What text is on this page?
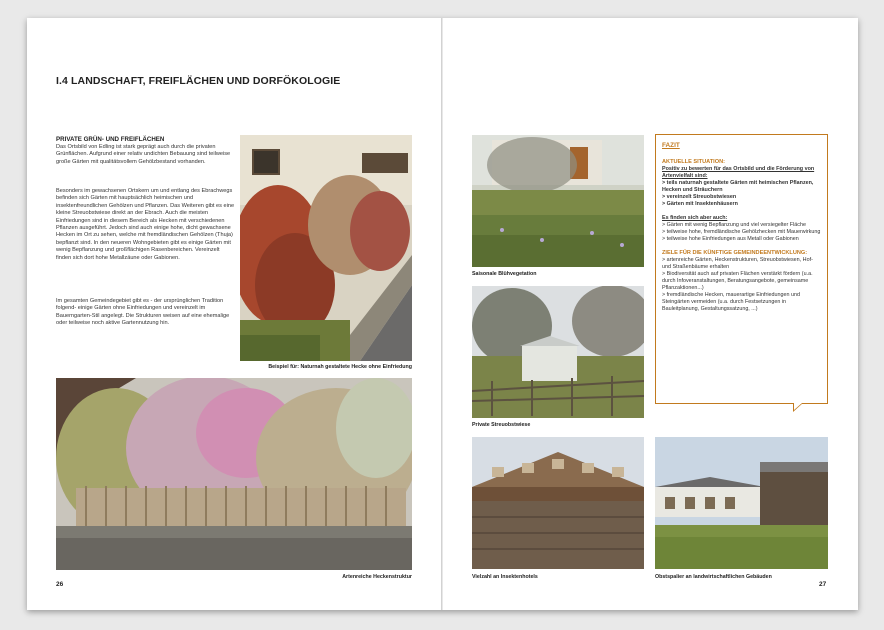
I.4 LANDSCHAFT, FREIFLÄCHEN UND DORFÖKOLOGIE
PRIVATE GRÜN- UND FREIFLÄCHEN
Das Ortsbild von Edling ist stark geprägt auch durch die privaten Grünflächen. Aufgrund einer relativ undichten Bebauung sind teilweise große Gärten mit qualitätsvollem Gehölzbestand vorhanden.
Besonders im gewachsenen Ortskern um und entlang des Ebrachwegs befinden sich Gärten mit hauptsächlich heimischen und insektenfreundlichen Gehölzen und Pflanzen. Das Weiteren gibt es eine kleine Streuobstwiese direkt an der Ebrach. Auch die meisten Einfriedungen sind in diesem Bereich als Hecken mit verschiedenen Pflanzen ausgeführt. Jedoch sind auch einige hohe, dicht gewachsene Hecken im Ort zu sehen, welche mit fremdländischen Gehölzen (Thuja) bepflanzt sind. In den neueren Wohngebieten gibt es einige Gärten mit wenig Bepflanzung und großflächigen Rasenbereichen. Vereinzelt finden sich dort hohe Metallzäune oder Gabionen.
Im gesamten Gemeindegebiet gibt es - der ursprünglichen Tradition folgend- einige Gärten ohne Einfriedungen und vereinzelt im Bauerngarten-Stil angelegt. Die Strukturen weisen auf eine ehemalige oder teilweise noch aktive Gartennutzung hin.
Beispiel für: Naturnah gestaltete Hecke ohne Einfriedung
Artenreiche Heckenstruktur
26
Saisonale Blühvegetation
Private Streuobstwiese
Vielzahl an Insektenhotels	Obstspalier an landwirtschaftlichen Gebäuden
FAZIT
AKTUELLE SITUATION:
Positiv zu bewerten für das Ortsbild und die Förderung von Artenvielfalt sind:
> teils naturnah gestaltete Gärten mit heimischen Pflanzen, Hecken und Sträuchern
> vereinzelt Streuobstwiesen
> Gärten mit Insektenhäusern
Es finden sich aber auch:
> Gärten mit wenig Bepflanzung und viel versiegelter Fläche
> teilweise hohe, fremdländische Gehölzhecken mit Mauerwirkung
> teilweise hohe Einfriedungen aus Metall oder Gabionen
ZIELE FÜR DIE KÜNFTIGE GEMEINDEENTWICKLUNG:
> artenreiche Gärten, Heckenstrukturen, Streuobstwiesen, Hof- und Straßenbäume erhalten
> Biodiversität auch auf privaten Flächen verstärkt fördern (u.a. durch Infoveranstaltungen, Beratungsangebote, gemeinsame Pflanzaktionen...)
> fremdländische Hecken, mauerartige Einfriedungen und Steingärten vermeiden (u.a. durch Festsetzungen in Bauleitplanung, Gestaltungssatzung, ...)
27
